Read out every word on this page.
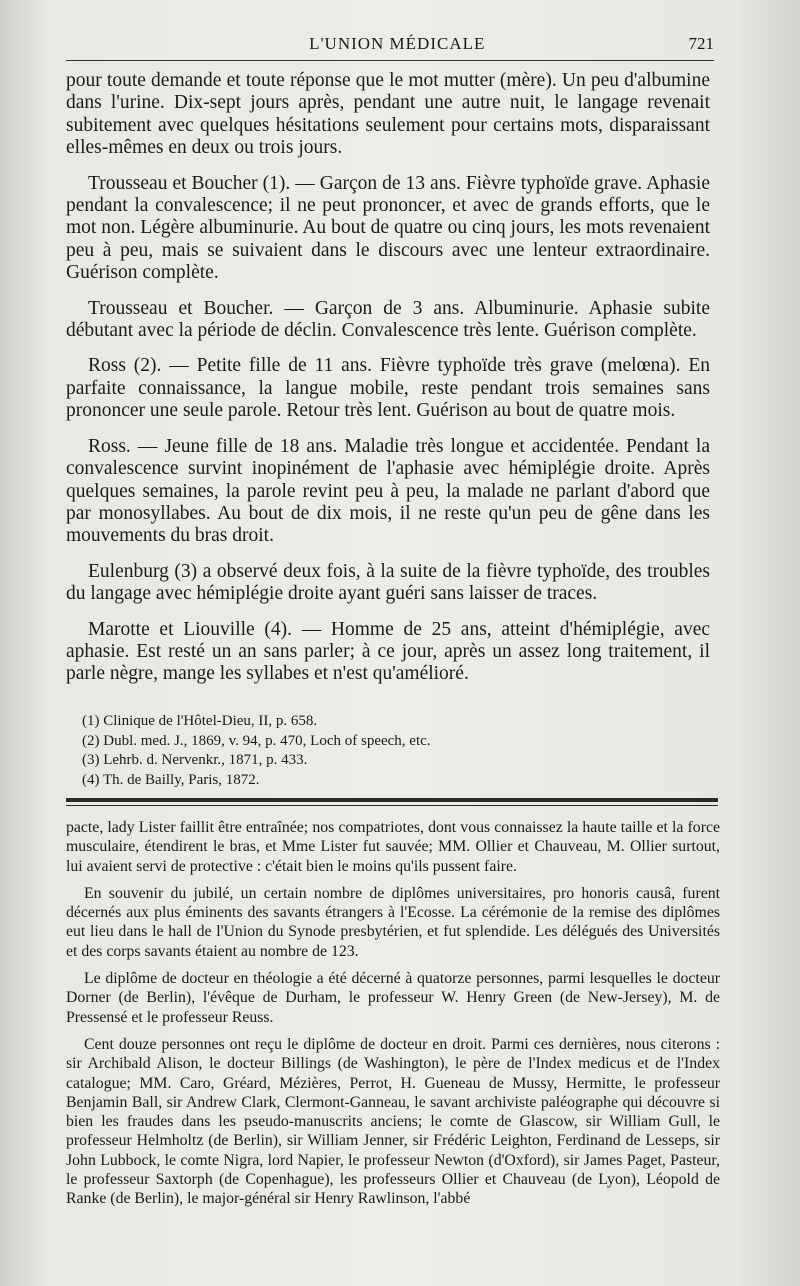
L'UNION MÉDICALE	721

pour toute demande et toute réponse que le mot mutter (mère). Un peu d'albumine dans l'urine. Dix-sept jours après, pendant une autre nuit, le langage revenait subitement avec quelques hésitations seulement pour certains mots, disparaissant elles-mêmes en deux ou trois jours.

Trousseau et Boucher (1). — Garçon de 13 ans. Fièvre typhoïde grave. Aphasie pendant la convalescence; il ne peut prononcer, et avec de grands efforts, que le mot non. Légère albuminurie. Au bout de quatre ou cinq jours, les mots revenaient peu à peu, mais se suivaient dans le discours avec une lenteur extraordinaire. Guérison complète.

Trousseau et Boucher. — Garçon de 3 ans. Albuminurie. Aphasie subite débutant avec la période de déclin. Convalescence très lente. Guérison complète.

Ross (2). — Petite fille de 11 ans. Fièvre typhoïde très grave (melœna). En parfaite connaissance, la langue mobile, reste pendant trois semaines sans prononcer une seule parole. Retour très lent. Guérison au bout de quatre mois.

Ross. — Jeune fille de 18 ans. Maladie très longue et accidentée. Pendant la convalescence survint inopinément de l'aphasie avec hémiplégie droite. Après quelques semaines, la parole revint peu à peu, la malade ne parlant d'abord que par monosyllabes. Au bout de dix mois, il ne reste qu'un peu de gêne dans les mouvements du bras droit.

Eulenburg (3) a observé deux fois, à la suite de la fièvre typhoïde, des troubles du langage avec hémiplégie droite ayant guéri sans laisser de traces.

Marotte et Liouville (4). — Homme de 25 ans, atteint d'hémiplégie, avec aphasie. Est resté un an sans parler; à ce jour, après un assez long traitement, il parle nègre, mange les syllabes et n'est qu'amélioré.

(1) Clinique de l'Hôtel-Dieu, II, p. 658.
(2) Dubl. med. J., 1869, v. 94, p. 470, Loch of speech, etc.
(3) Lehrb. d. Nervenkr., 1871, p. 433.
(4) Th. de Bailly, Paris, 1872.

pacte, lady Lister faillit être entraînée; nos compatriotes, dont vous connaissez la haute taille et la force musculaire, étendirent le bras, et Mme Lister fut sauvée; MM. Ollier et Chauveau, M. Ollier surtout, lui avaient servi de protective : c'était bien le moins qu'ils pussent faire.

En souvenir du jubilé, un certain nombre de diplômes universitaires, pro honoris causâ, furent décernés aux plus éminents des savants étrangers à l'Ecosse. La cérémonie de la remise des diplômes eut lieu dans le hall de l'Union du Synode presbytérien, et fut splendide. Les délégués des Universités et des corps savants étaient au nombre de 123.

Le diplôme de docteur en théologie a été décerné à quatorze personnes, parmi lesquelles le docteur Dorner (de Berlin), l'évêque de Durham, le professeur W. Henry Green (de New-Jersey), M. de Pressensé et le professeur Reuss.

Cent douze personnes ont reçu le diplôme de docteur en droit. Parmi ces dernières, nous citerons : sir Archibald Alison, le docteur Billings (de Washington), le père de l'Index medicus et de l'Index catalogue; MM. Caro, Gréard, Mézières, Perrot, H. Gueneau de Mussy, Hermitte, le professeur Benjamin Ball, sir Andrew Clark, Clermont-Ganneau, le savant archiviste paléographe qui découvre si bien les fraudes dans les pseudo-manuscrits anciens; le comte de Glascow, sir William Gull, le professeur Helmholtz (de Berlin), sir William Jenner, sir Frédéric Leighton, Ferdinand de Lesseps, sir John Lubbock, le comte Nigra, lord Napier, le professeur Newton (d'Oxford), sir James Paget, Pasteur, le professeur Saxtorph (de Copenhague), les professeurs Ollier et Chauveau (de Lyon), Léopold de Ranke (de Berlin), le major-général sir Henry Rawlinson, l'abbé
